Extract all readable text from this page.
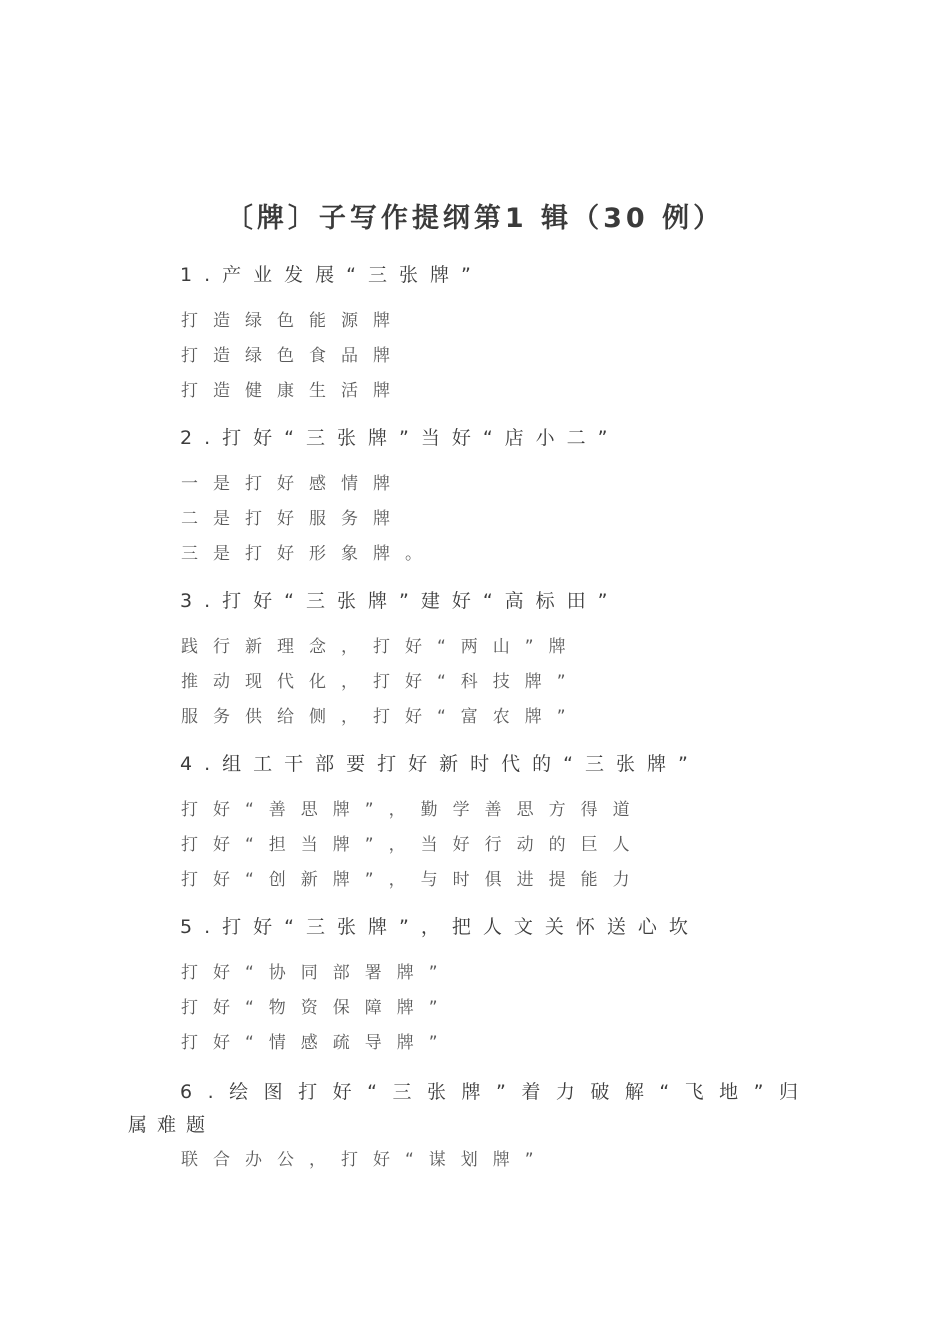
〔牌〕子写作提纲第1 辑（30 例）
1.产业发展“三张牌”
打造绿色能源牌
打造绿色食品牌
打造健康生活牌
2.打好“三张牌”当好“店小二”
一是打好感情牌
二是打好服务牌
三是打好形象牌。
3.打好“三张牌”建好“高标田”
践行新理念，打好“两山”牌
推动现代化，打好“科技牌”
服务供给侧，打好“富农牌”
4.组工干部要打好新时代的“三张牌”
打好“善思牌”，勤学善思方得道
打好“担当牌”，当好行动的巨人
打好“创新牌”，与时俱进提能力
5.打好“三张牌”，把人文关怀送心坎
打好“协同部署牌”
打好“物资保障牌”
打好“情感疏导牌”
6.绘图打好“三张牌”着力破解“飞地”归
属难题
联合办公，打好“谋划牌”
